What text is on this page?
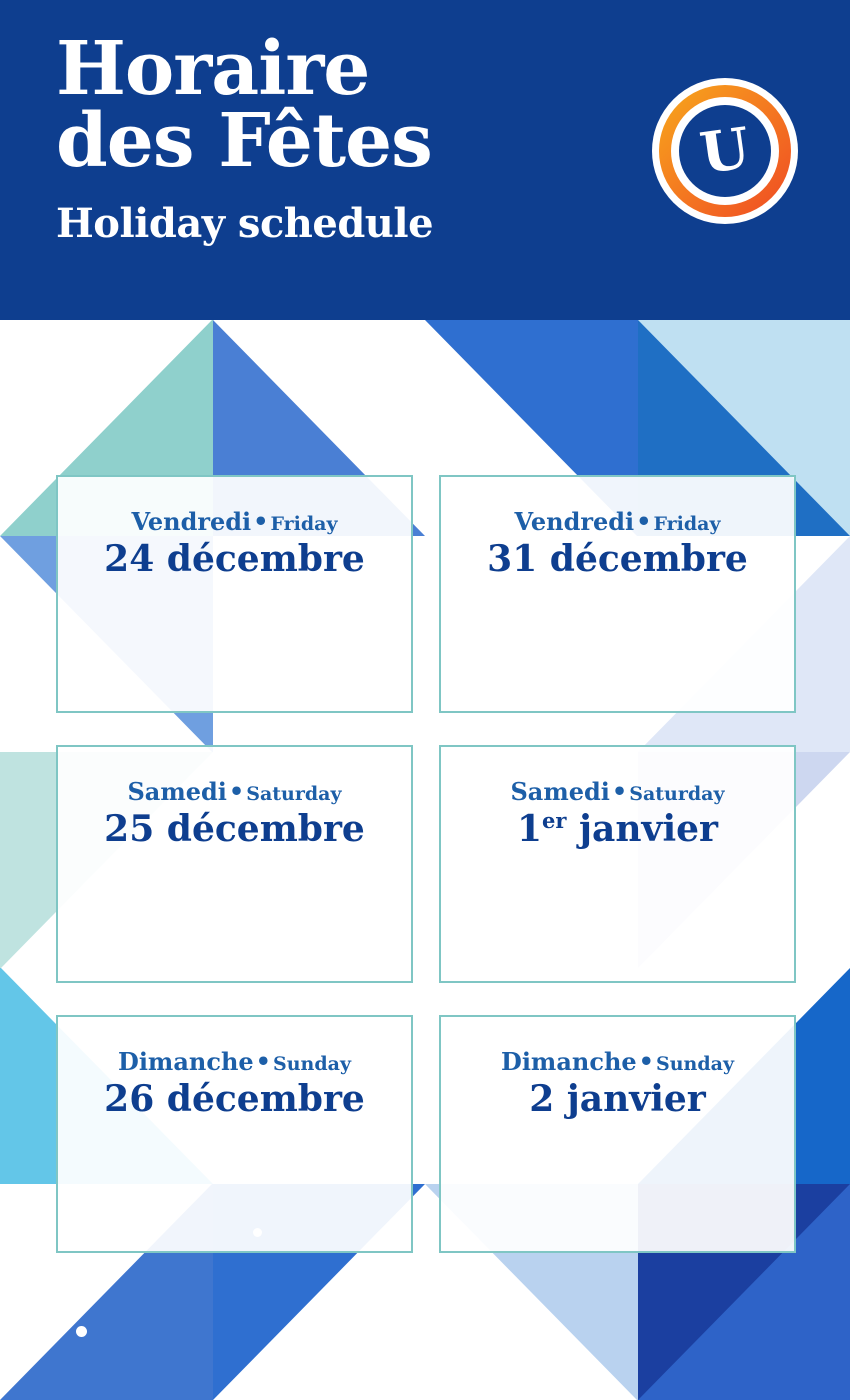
Horaire
des Fêtes
Holiday schedule
U
Vendredi• Friday
24 décembre
Vendredi• Friday
31 décembre
Samedi• Saturday
25 décembre
Samedi• Saturday
1er janvier
Dimanche• Sunday
26 décembre
Dimanche• Sunday
2 janvier
